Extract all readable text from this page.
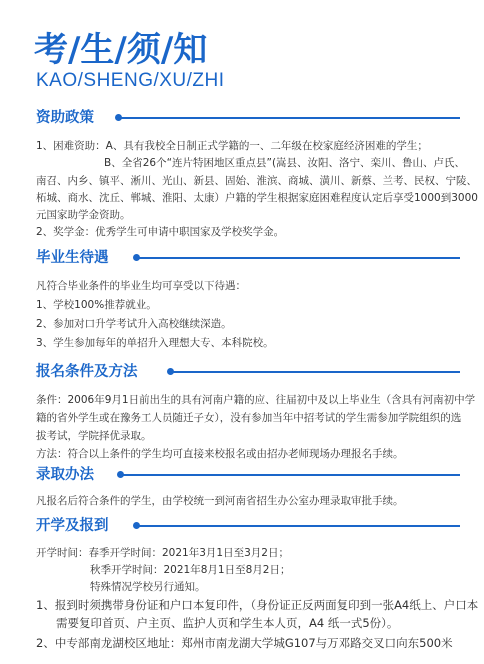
考/生/须/知
KAO/SHENG/XU/ZHI
资助政策
1、困难资助：A、具有我校全日制正式学籍的一、二年级在校家庭经济困难的学生；
B、全省26个“连片特困地区重点县”(嵩县、汝阳、洛宁、栾川、鲁山、卢氏、
南召、内乡、镇平、淅川、光山、新县、固始、淮滨、商城、潢川、新蔡、兰考、民权、宁陵、
柘城、商水、沈丘、郸城、淮阳、太康）户籍的学生根据家庭困难程度认定后享受1000到3000
元国家助学金资助。
2、奖学金：优秀学生可申请中职国家及学校奖学金。
毕业生待遇
凡符合毕业条件的毕业生均可享受以下待遇：
1、学校100%推荐就业。
2、参加对口升学考试升入高校继续深造。
3、学生参加每年的单招升入理想大专、本科院校。
报名条件及方法
条件：2006年9月1日前出生的具有河南户籍的应、往届初中及以上毕业生（含具有河南初中学
籍的省外学生或在豫务工人员随迁子女），没有参加当年中招考试的学生需参加学院组织的选
拔考试，学院择优录取。
方法：符合以上条件的学生均可直接来校报名或由招办老师现场办理报名手续。
录取办法
凡报名后符合条件的学生，由学校统一到河南省招生办公室办理录取审批手续。
开学及报到
开学时间：春季开学时间：2021年3月1日至3月2日；
秋季开学时间：2021年8月1日至8月2日；
特殊情况学校另行通知。
1、报到时须携带身份证和户口本复印件，（身份证正反两面复印到一张A4纸上、户口本
需要复印首页、户主页、监护人页和学生本人页，A4 纸一式5份）。
2、中专部南龙湖校区地址：郑州市南龙湖大学城G107与万邓路交叉口向东500米
